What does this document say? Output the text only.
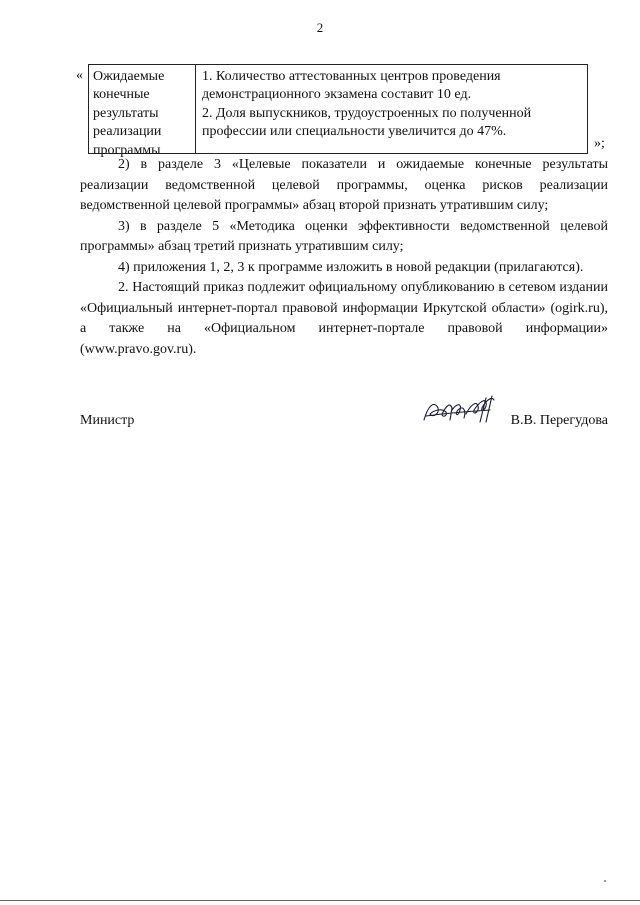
2
« Ожидаемые
конечные
результаты
реализации
программы
1. Количество аттестованных центров проведения
демонстрационного экзамена составит 10 ед.
2. Доля выпускников, трудоустроенных по полученной
профессии или специальности увеличится до 47%.
»;

2) в разделе 3 «Целевые показатели и ожидаемые конечные результаты реализации ведомственной целевой программы, оценка рисков реализации ведомственной целевой программы» абзац второй признать утратившим силу;

3) в разделе 5 «Методика оценки эффективности ведомственной целевой программы» абзац третий признать утратившим силу;

4) приложения 1, 2, 3 к программе изложить в новой редакции (прилагаются).

2. Настоящий приказ подлежит официальному опубликованию в сетевом издании «Официальный интернет-портал правовой информации Иркутской области» (ogirk.ru), а также на «Официальном интернет-портале правовой информации» (www.pravo.gov.ru).

Министр	В.В. Перегудова
